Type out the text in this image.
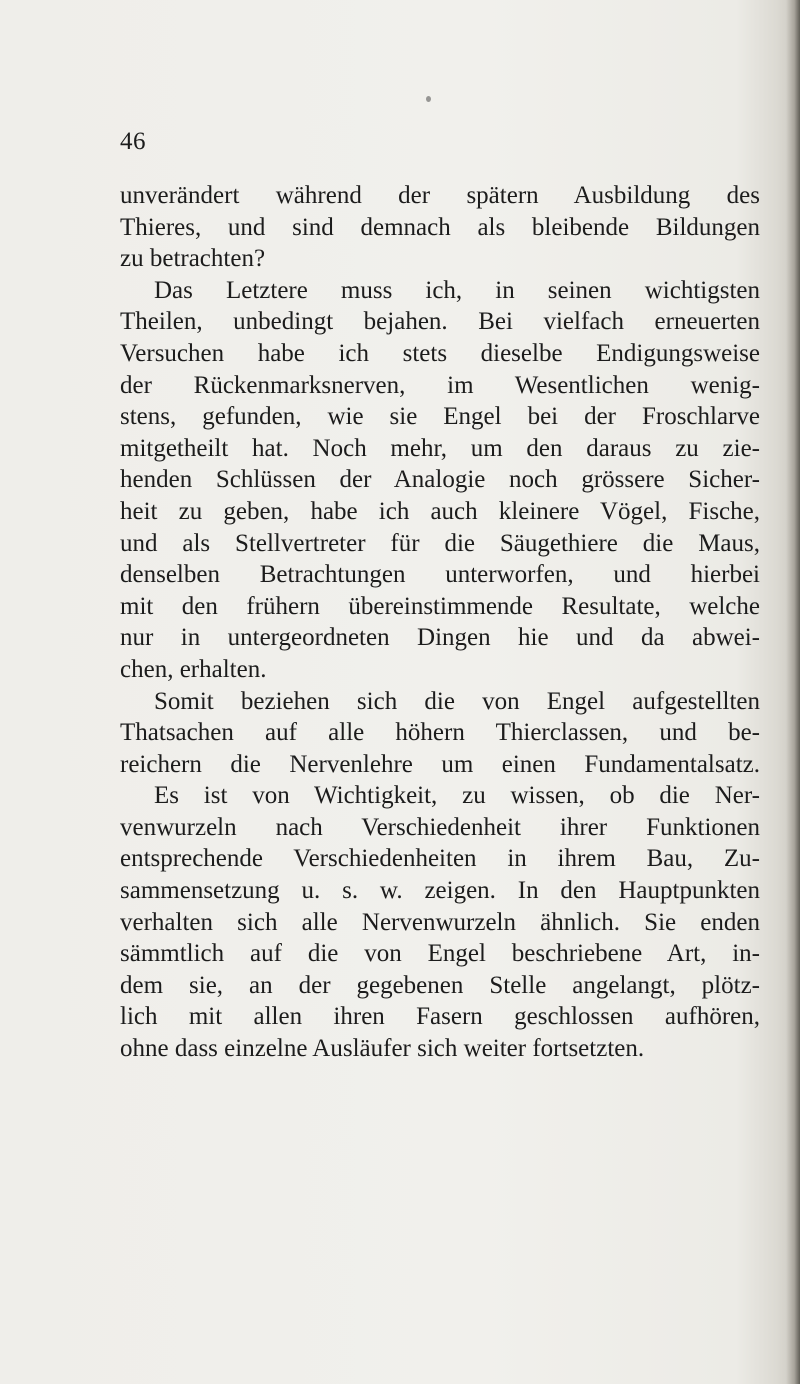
46
unverändert während der spätern Ausbildung des
Thieres, und sind demnach als bleibende Bildungen
zu betrachten?
Das Letztere muss ich, in seinen wichtigsten
Theilen, unbedingt bejahen. Bei vielfach erneuerten
Versuchen habe ich stets dieselbe Endigungsweise
der Rückenmarksnerven, im Wesentlichen wenig-
stens, gefunden, wie sie Engel bei der Froschlarve
mitgetheilt hat. Noch mehr, um den daraus zu zie-
henden Schlüssen der Analogie noch grössere Sicher-
heit zu geben, habe ich auch kleinere Vögel, Fische,
und als Stellvertreter für die Säugethiere die Maus,
denselben Betrachtungen unterworfen, und hierbei
mit den frühern übereinstimmende Resultate, welche
nur in untergeordneten Dingen hie und da abwei-
chen, erhalten.
Somit beziehen sich die von Engel aufgestellten
Thatsachen auf alle höhern Thierclassen, und be-
reichern die Nervenlehre um einen Fundamentalsatz.
Es ist von Wichtigkeit, zu wissen, ob die Ner-
venwurzeln nach Verschiedenheit ihrer Funktionen
entsprechende Verschiedenheiten in ihrem Bau, Zu-
sammensetzung u. s. w. zeigen. In den Hauptpunkten
verhalten sich alle Nervenwurzeln ähnlich. Sie enden
sämmtlich auf die von Engel beschriebene Art, in-
dem sie, an der gegebenen Stelle angelangt, plötz-
lich mit allen ihren Fasern geschlossen aufhören,
ohne dass einzelne Ausläufer sich weiter fortsetzten.
